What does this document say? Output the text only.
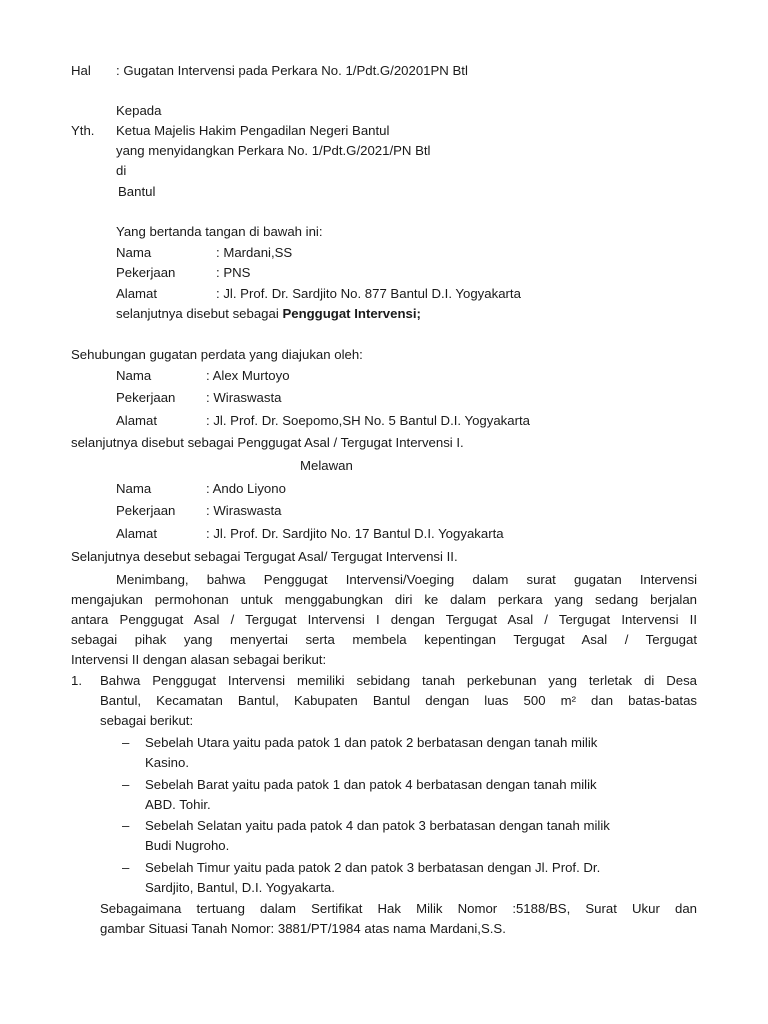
Hal : Gugatan Intervensi pada Perkara No. 1/Pdt.G/20201PN Btl
Kepada
Yth. Ketua Majelis Hakim Pengadilan Negeri Bantul
yang menyidangkan Perkara No. 1/Pdt.G/2021/PN Btl
di
Bantul
Yang bertanda tangan di bawah ini:
Nama	: Mardani,SS
Pekerjaan	: PNS
Alamat	: Jl. Prof. Dr. Sardjito No. 877 Bantul D.I. Yogyakarta
selanjutnya disebut sebagai Penggugat Intervensi;
Sehubungan gugatan perdata yang diajukan oleh:
Nama	: Alex Murtoyo
Pekerjaan : Wiraswasta
Alamat	: Jl. Prof. Dr. Soepomo,SH No. 5 Bantul D.I. Yogyakarta
selanjutnya disebut sebagai Penggugat Asal / Tergugat Intervensi I.
Melawan
Nama	: Ando Liyono
Pekerjaan : Wiraswasta
Alamat	: Jl. Prof. Dr. Sardjito No. 17 Bantul D.I. Yogyakarta
Selanjutnya desebut sebagai Tergugat Asal/ Tergugat Intervensi II.
Menimbang, bahwa Penggugat Intervensi/Voeging dalam surat gugatan Intervensi
mengajukan permohonan untuk menggabungkan diri ke dalam perkara yang sedang berjalan
antara Penggugat Asal / Tergugat Intervensi I dengan Tergugat Asal / Tergugat Intervensi II
sebagai pihak yang menyertai serta membela kepentingan Tergugat Asal / Tergugat
Intervensi II dengan alasan sebagai berikut:
1. Bahwa Penggugat Intervensi memiliki sebidang tanah perkebunan yang terletak di Desa
Bantul, Kecamatan Bantul, Kabupaten Bantul dengan luas 500 m² dan batas-batas
sebagai berikut:
– Sebelah Utara yaitu pada patok 1 dan patok 2 berbatasan dengan tanah milik
Kasino.
– Sebelah Barat yaitu pada patok 1 dan patok 4 berbatasan dengan tanah milik
ABD. Tohir.
– Sebelah Selatan yaitu pada patok 4 dan patok 3 berbatasan dengan tanah milik
Budi Nugroho.
– Sebelah Timur yaitu pada patok 2 dan patok 3 berbatasan dengan Jl. Prof. Dr.
Sardjito, Bantul, D.I. Yogyakarta.
Sebagaimana tertuang dalam Sertifikat Hak Milik Nomor :5188/BS, Surat Ukur dan
gambar Situasi Tanah Nomor: 3881/PT/1984 atas nama Mardani,S.S.
